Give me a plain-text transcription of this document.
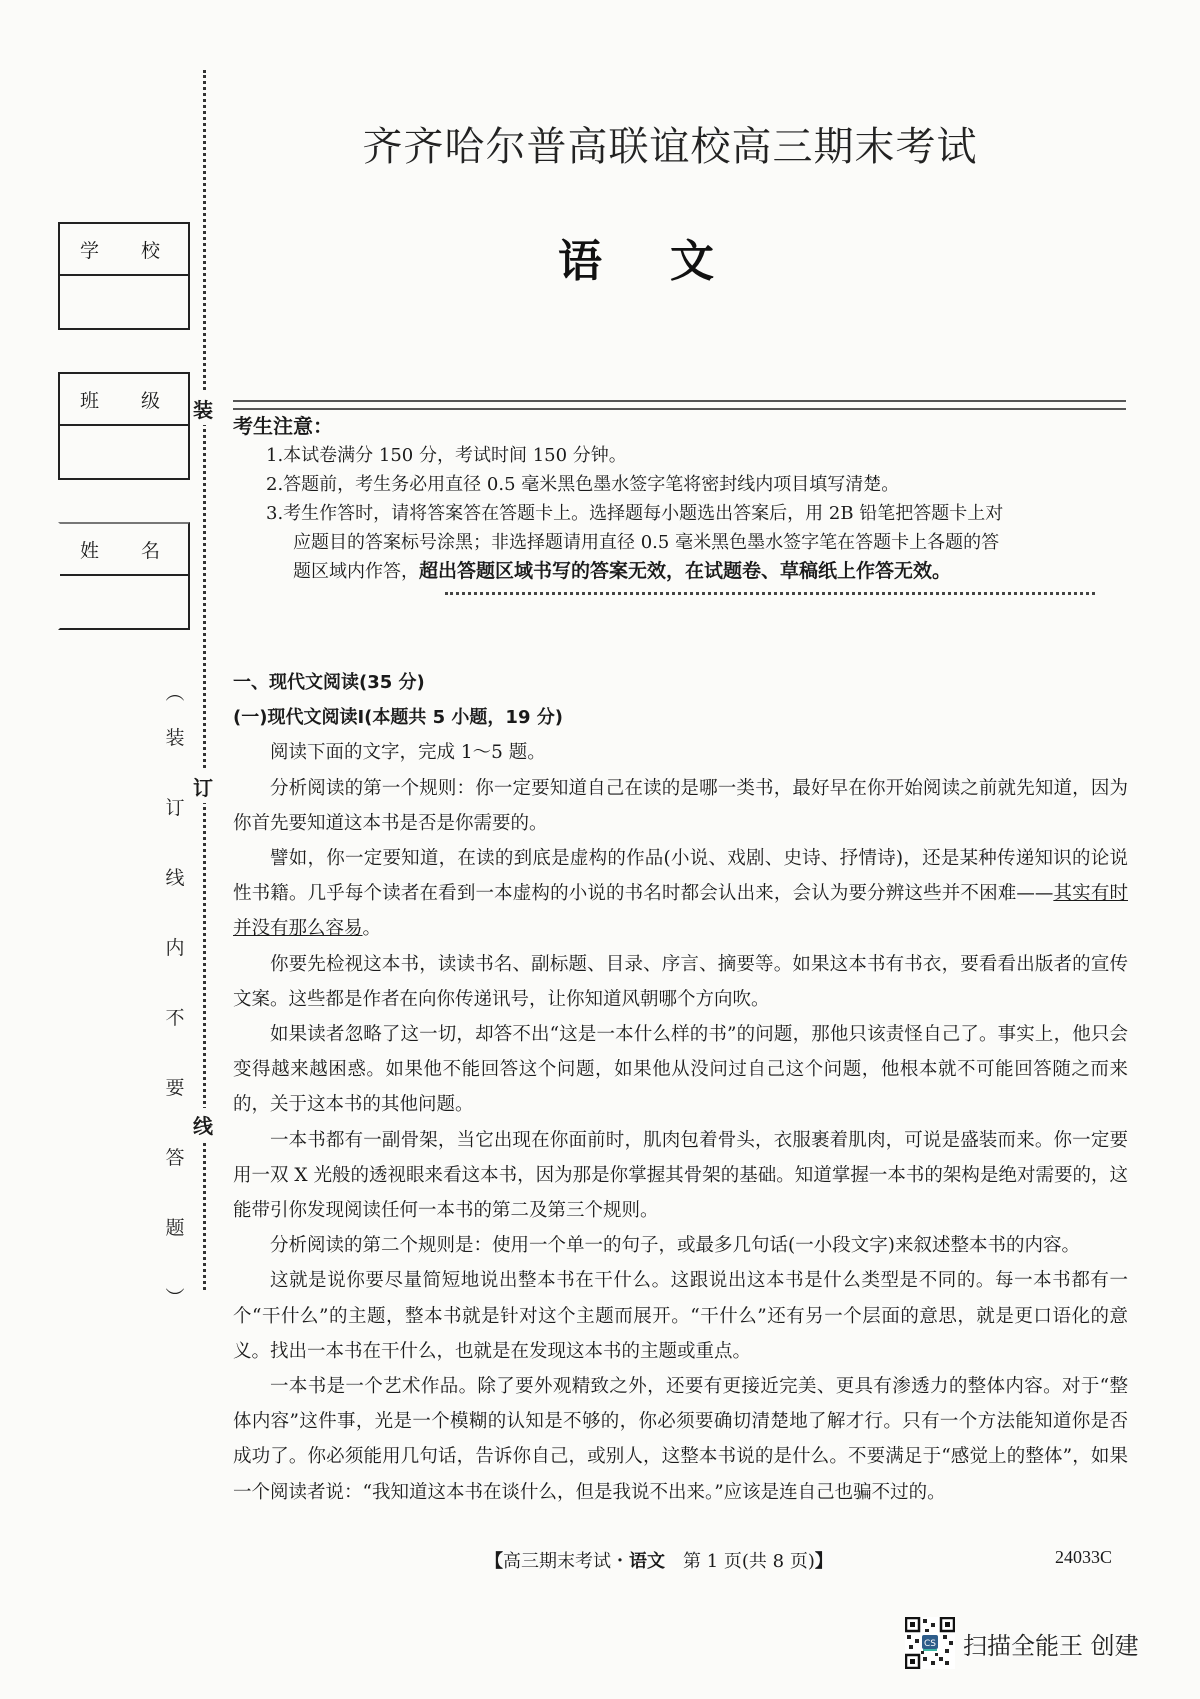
齐齐哈尔普高联谊校高三期末考试
语文
学 校
班 级
姓 名
装
订
线
︵
装
订
线
内
不
要
答
题
︶
考生注意：
1.本试卷满分 150 分，考试时间 150 分钟。
2.答题前，考生务必用直径 0.5 毫米黑色墨水签字笔将密封线内项目填写清楚。
3.考生作答时，请将答案答在答题卡上。选择题每小题选出答案后，用 2B 铅笔把答题卡上对
应题目的答案标号涂黑；非选择题请用直径 0.5 毫米黑色墨水签字笔在答题卡上各题的答
题区域内作答，超出答题区域书写的答案无效，在试题卷、草稿纸上作答无效。
一、现代文阅读(35 分)
(一)现代文阅读Ⅰ(本题共 5 小题，19 分)

阅读下面的文字，完成 1～5 题。

分析阅读的第一个规则：你一定要知道自己在读的是哪一类书，最好早在你开始阅读之前就先知道，因为你首先要知道这本书是否是你需要的。

譬如，你一定要知道，在读的到底是虚构的作品(小说、戏剧、史诗、抒情诗)，还是某种传递知识的论说性书籍。几乎每个读者在看到一本虚构的小说的书名时都会认出来，会认为要分辨这些并不困难——其实有时并没有那么容易。

你要先检视这本书，读读书名、副标题、目录、序言、摘要等。如果这本书有书衣，要看看出版者的宣传文案。这些都是作者在向你传递讯号，让你知道风朝哪个方向吹。

如果读者忽略了这一切，却答不出“这是一本什么样的书”的问题，那他只该责怪自己了。事实上，他只会变得越来越困惑。如果他不能回答这个问题，如果他从没问过自己这个问题，他根本就不可能回答随之而来的，关于这本书的其他问题。

一本书都有一副骨架，当它出现在你面前时，肌肉包着骨头，衣服裹着肌肉，可说是盛装而来。你一定要用一双 X 光般的透视眼来看这本书，因为那是你掌握其骨架的基础。知道掌握一本书的架构是绝对需要的，这能带引你发现阅读任何一本书的第二及第三个规则。

分析阅读的第二个规则是：使用一个单一的句子，或最多几句话(一小段文字)来叙述整本书的内容。

这就是说你要尽量简短地说出整本书在干什么。这跟说出这本书是什么类型是不同的。每一本书都有一个“干什么”的主题，整本书就是针对这个主题而展开。“干什么”还有另一个层面的意思，就是更口语化的意义。找出一本书在干什么，也就是在发现这本书的主题或重点。

一本书是一个艺术作品。除了要外观精致之外，还要有更接近完美、更具有渗透力的整体内容。对于“整体内容”这件事，光是一个模糊的认知是不够的，你必须要确切清楚地了解才行。只有一个方法能知道你是否成功了。你必须能用几句话，告诉你自己，或别人，这整本书说的是什么。不要满足于“感觉上的整体”，如果一个阅读者说：“我知道这本书在谈什么，但是我说不出来。”应该是连自己也骗不过的。

【高三期末考试・语文　第 1 页(共 8 页)】	24033C
CS 扫描全能王 创建
